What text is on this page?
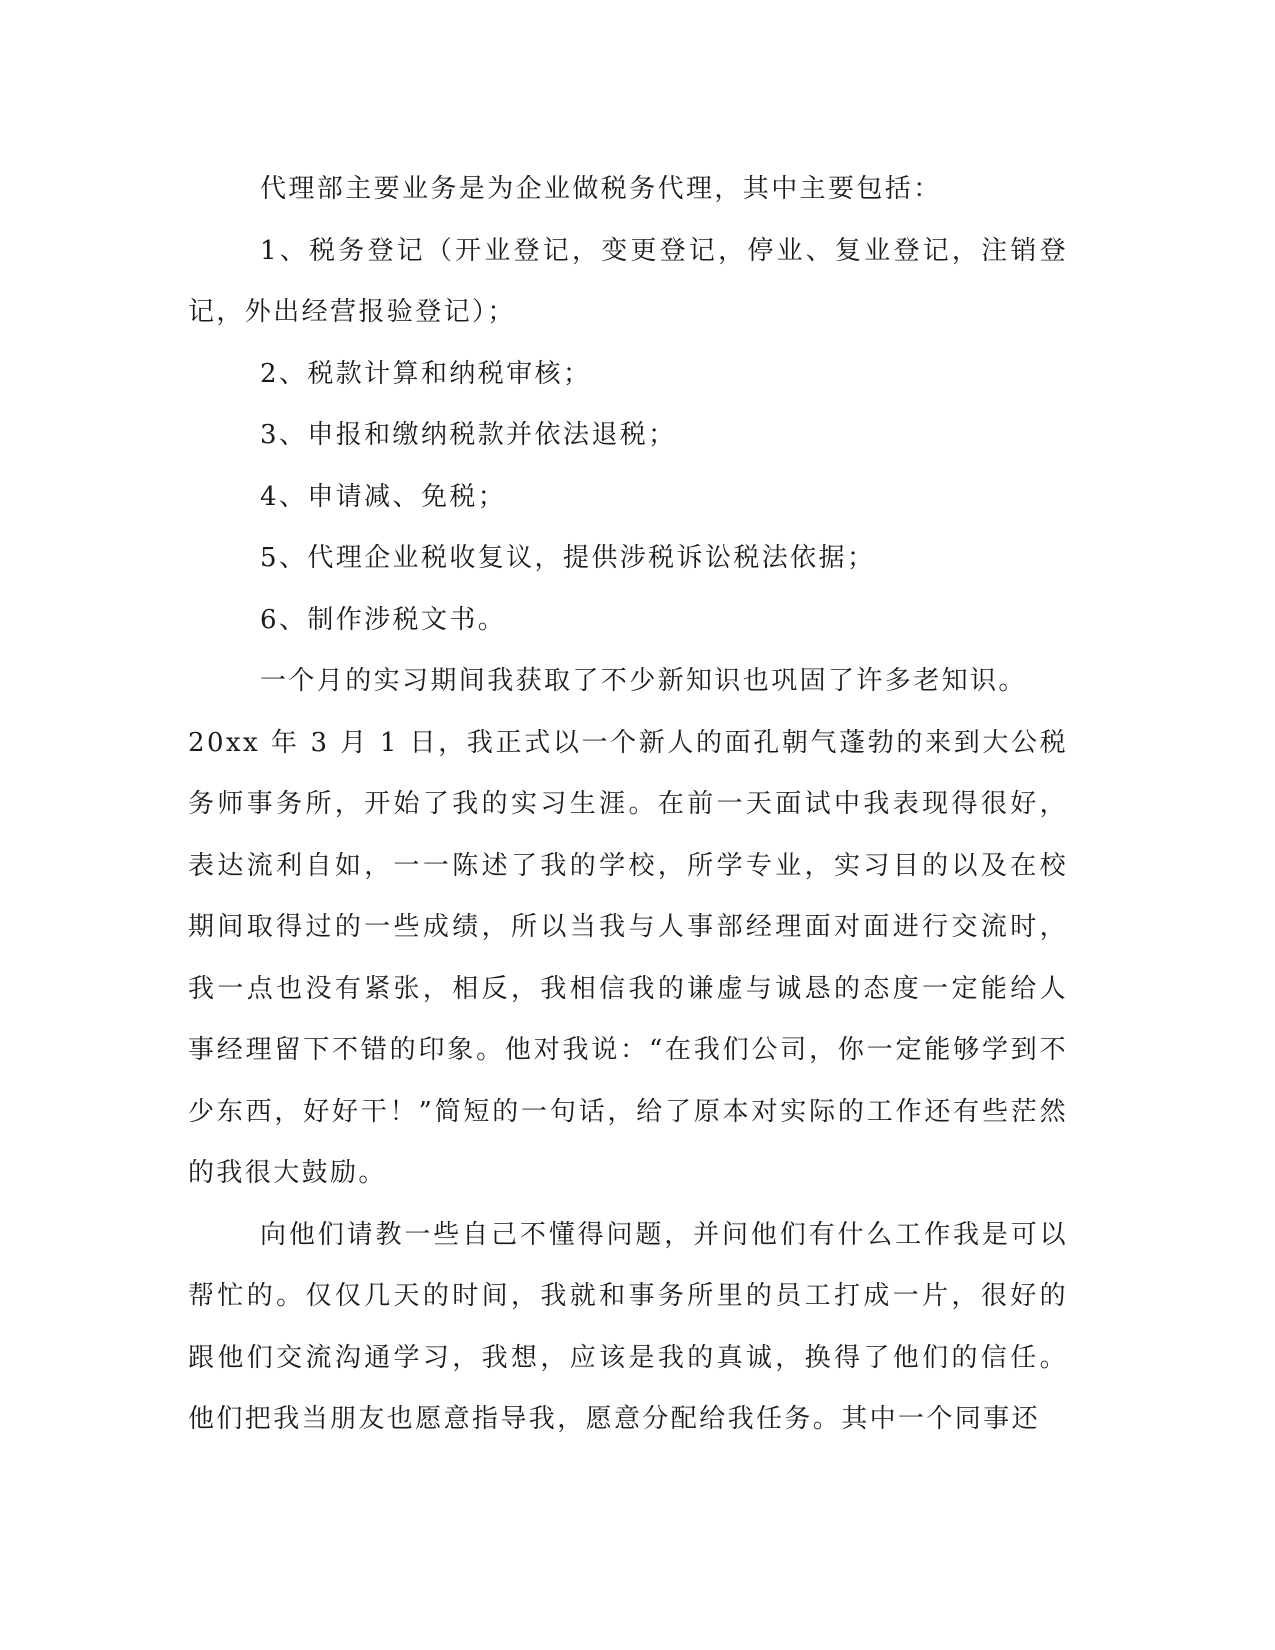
代理部主要业务是为企业做税务代理，其中主要包括：

1、税务登记（开业登记，变更登记，停业、复业登记，注销登记，外出经营报验登记）；

2、税款计算和纳税审核；

3、申报和缴纳税款并依法退税；

4、申请减、免税；

5、代理企业税收复议，提供涉税诉讼税法依据；

6、制作涉税文书。

一个月的实习期间我获取了不少新知识也巩固了许多老知识。

20xx 年 3 月 1 日，我正式以一个新人的面孔朝气蓬勃的来到大公税务师事务所，开始了我的实习生涯。在前一天面试中我表现得很好，表达流利自如，一一陈述了我的学校，所学专业，实习目的以及在校期间取得过的一些成绩，所以当我与人事部经理面对面进行交流时，我一点也没有紧张，相反，我相信我的谦虚与诚恳的态度一定能给人事经理留下不错的印象。他对我说：“在我们公司，你一定能够学到不少东西，好好干！”简短的一句话，给了原本对实际的工作还有些茫然的我很大鼓励。

向他们请教一些自己不懂得问题，并问他们有什么工作我是可以帮忙的。仅仅几天的时间，我就和事务所里的员工打成一片，很好的跟他们交流沟通学习，我想，应该是我的真诚，换得了他们的信任。他们把我当朋友也愿意指导我，愿意分配给我任务。其中一个同事还
